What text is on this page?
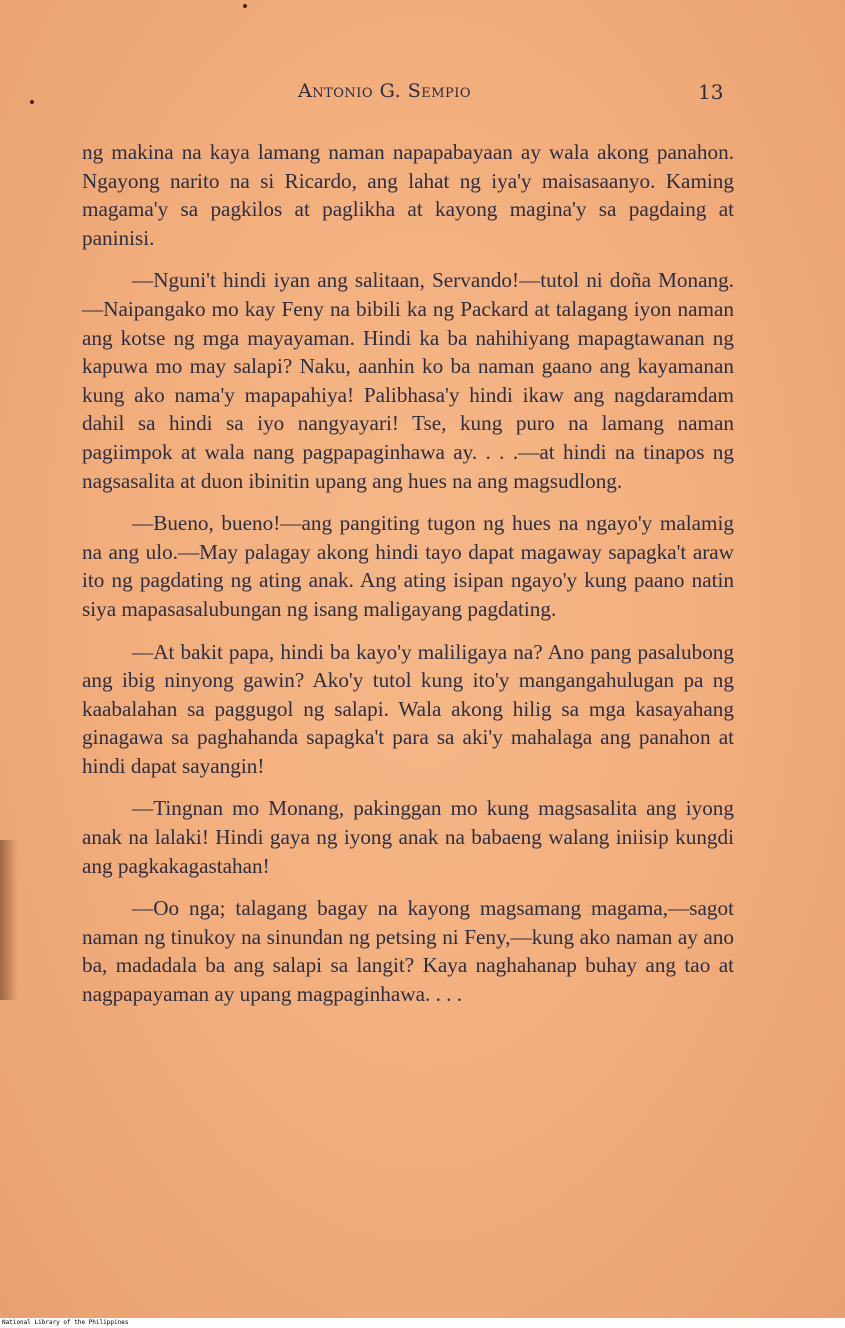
Antonio G. Sempio	13

ng makina na kaya lamang naman napapabayaan ay wala akong panahon. Ngayong narito na si Ricardo, ang lahat ng iya'y maisasaanyo. Kaming magama'y sa pagkilos at paglikha at kayong magina'y sa pagdaing at paninisi.

—Nguni't hindi iyan ang salitaan, Servando!—tutol ni doña Monang.—Naipangako mo kay Feny na bibili ka ng Packard at talagang iyon naman ang kotse ng mga mayayaman. Hindi ka ba nahihiyang mapagtawanan ng kapuwa mo may salapi? Naku, aanhin ko ba naman gaano ang kayamanan kung ako nama'y mapapahiya! Palibhasa'y hindi ikaw ang nagdaramdam dahil sa hindi sa iyo nangyayari! Tse, kung puro na lamang naman pagiimpok at wala nang pagpapaginhawa ay. . . .—at hindi na tinapos ng nagsasalita at duon ibinitin upang ang hues na ang magsudlong.

—Bueno, bueno!—ang pangiting tugon ng hues na ngayo'y malamig na ang ulo.—May palagay akong hindi tayo dapat magaway sapagka't araw ito ng pagdating ng ating anak. Ang ating isipan ngayo'y kung paano natin siya mapasasalubungan ng isang maligayang pagdating.

—At bakit papa, hindi ba kayo'y maliligaya na? Ano pang pasalubong ang ibig ninyong gawin? Ako'y tutol kung ito'y mangangahulugan pa ng kaabalahan sa paggugol ng salapi. Wala akong hilig sa mga kasayahang ginagawa sa paghahanda sapagka't para sa aki'y mahalaga ang panahon at hindi dapat sayangin!

—Tingnan mo Monang, pakinggan mo kung magsasalita ang iyong anak na lalaki! Hindi gaya ng iyong anak na babaeng walang iniisip kungdi ang pagkakagastahan!

—Oo nga; talagang bagay na kayong magsamang magama,—sagot naman ng tinukoy na sinundan ng petsing ni Feny,—kung ako naman ay ano ba, madadala ba ang salapi sa langit? Kaya naghahanap buhay ang tao at nagpapayaman ay upang magpaginhawa. . . .

National Library of the Philippines
